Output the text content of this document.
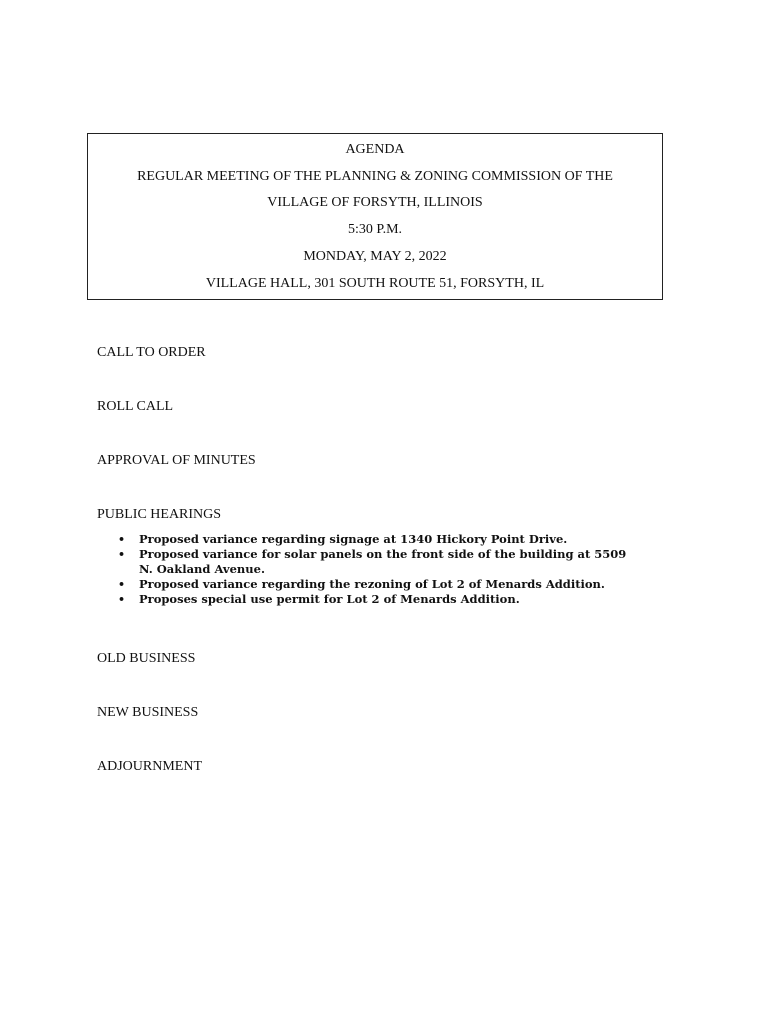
AGENDA
REGULAR MEETING OF THE PLANNING & ZONING COMMISSION OF THE
VILLAGE OF FORSYTH, ILLINOIS
5:30 P.M.
MONDAY, MAY 2, 2022
VILLAGE HALL, 301 SOUTH ROUTE 51, FORSYTH, IL
CALL TO ORDER
ROLL CALL
APPROVAL OF MINUTES
PUBLIC HEARINGS
• Proposed variance regarding signage at 1340 Hickory Point Drive.
• Proposed variance for solar panels on the front side of the building at 5509 N. Oakland Avenue.
• Proposed variance regarding the rezoning of Lot 2 of Menards Addition.
• Proposes special use permit for Lot 2 of Menards Addition.
OLD BUSINESS
NEW BUSINESS
ADJOURNMENT
